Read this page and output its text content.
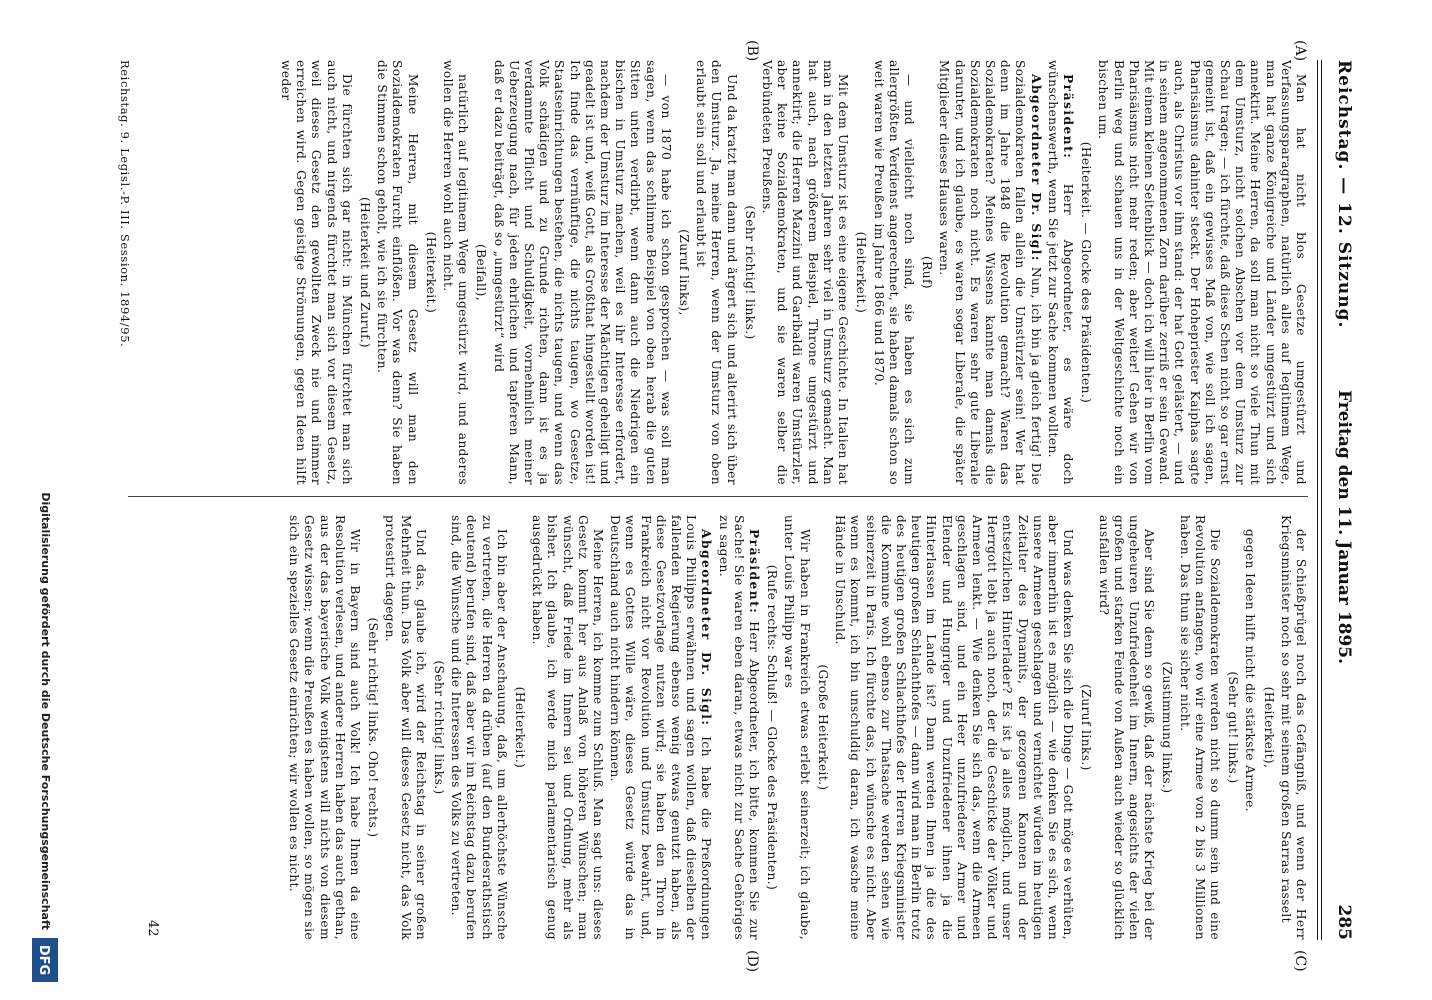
(A)
(B)
(C)
(D)
Reichstag. — 12. Sitzung.
Freitag den 11. Januar 1895.
285

Man hat nicht blos Gesetze umgestürzt und Verfassungsparagraphen, natürlich alles auf legitimem Wege, man hat ganze Königreiche und Länder umgestürzt und sich annektirt. Meine Herren, da soll man nicht so viele Thun mit dem Umsturz, nicht solchen Abschen vor dem Umsturz zur Schau tragen; — ich fürchte, daß diese Schen nicht so gar ernst gemeint ist, daß ein gewisses Maß von, wie soll ich sagen, Pharisäismus dahinter steckt. Der Hohepriester Kaiphas sagte auch, als Christus vor ihm stand: der hat Gott gelästert, — und in seinem angenommenen Zorn darüber zerriß er sein Gewand. Mit einem kleinen Seitenblick — doch ich will hier in Berlin vom Pharisäismus nicht mehr reden; aber weiter! Gehen wir von Berlin weg und schauen uns in der Weltgeschichte noch ein bischen um.

(Heiterkeit. — Glocke des Präsidenten.)

Präsident: Herr Abgeordneter, es wäre doch wünschenswerth, wenn Sie jetzt zur Sache kommen wollten.

Abgeordneter Dr. Sigl: Nun, ich bin ja gleich fertig! Die Sozialdemokraten fallen allein die Umstürzler sein! Wer hat denn im Jahre 1848 die Revolution gemacht? Waren das Sozialdemokraten? Meines Wissens kannte man damals die Sozialdemokraten noch nicht. Es waren sehr gute Liberale darunter, und ich glaube, es waren sogar Liberale, die später Mitglieder dieses Hauses waren.

(Ruf)

— und vielleicht noch sind, sie haben es sich zum allergrößten Verdienst angerechnet, sie haben damals schon so weit waren wie Preußen im Jahre 1866 und 1870.

(Heiterkeit.)

Mit dem Umsturz ist es eine eigene Geschichte. In Italien hat man in den letzten Jahren sehr viel in Umsturz gemacht. Man hat auch, nach größerem Beispiel, Throne umgestürzt und annektirt; die Herren Mazzini und Garibaldi waren Umstürzler, aber keine Sozialdemokraten, und sie waren selber die Verbündeten Preußens.

(Sehr richtig! links.)

Und da kratzt man dann und ärgert sich und alterirt sich über den Umsturz. Ja, meine Herren, wenn der Umsturz von oben erlaubt sein soll und erlaubt ist

(Zuruf links),

— von 1870 habe ich schon gesprochen — was soll man sagen, wenn das schlimme Beispiel von oben herab die guten Sitten unten verdirbt, wenn dann auch die Niedrigen ein bischen in Umsturz machen, weil es ihr Interesse erfordert, nachdem der Umsturz im Interesse der Mächtigen geheiligt und geadelt ist und, weiß Gott, als Großthat hingestellt worden ist! Ich finde das vernünftige, die nichts taugen, wo Gesetze, Staatseinrichtungen bestehen, die nichts taugen, und wenn das Volk schädigen und zu Grunde richten, dann ist es ja verdammte Pflicht und Schuldigkeit, vornehmlich meiner Ueberzeugung nach, für jeden ehrlichen und tapferen Mann, daß er dazu beiträgt, daß so „umgestürzt“ wird

(Beifall),

natürlich auf legitimem Wege umgestürzt wird, und anderes wollen die Herren wohl auch nicht.

(Heiterkeit.)

Meine Herren, mit diesem Gesetz will man den Sozialdemokraten Furcht einflößen. Vor was denn? Sie haben die Stimmen schon geholt, wie ich sie fürchten.

(Heiterkeit und Zuruf.)

Die fürchten sich gar nicht: in München fürchtet man sich auch nicht, und nirgends fürchtet man sich vor diesem Gesetz, weil dieses Gesetz den gewollten Zweck nie und nimmer erreichen wird. Gegen geistige Strömungen, gegen Ideen hilft weder

der Schießprügel noch das Gefängniß, und wenn der Herr Kriegsminister noch so sehr mit seinem großen Sarras rasselt

(Heiterkeit),

gegen Ideen hilft nicht die stärkste Armee.

(Sehr gut! links.)

Die Sozialdemokraten werden nicht so dumm sein und eine Revolution anfangen, wo wir eine Armee von 2 bis 3 Millionen haben. Das thun sie sicher nicht.

(Zustimmung links.)

Aber sind Sie denn so gewiß, daß der nächste Krieg bei der ungeheuren Unzufriedenheit im Innern, angesichts der vielen großen und starken Feinde von Außen auch wieder so glücklich ausfallen wird?

(Zuruf links.)

Und was denken Sie sich die Dinge — Gott möge es verhüten, aber immerhin ist es möglich — wie denken Sie es sich, wenn unsere Armeen geschlagen und vernichtet würden im heutigen Zeitalter des Dynamits, der gezogenen Kanonen und der entsetzlichen Hinterlader? Es ist ja alles möglich, und unser Herrgott lebt ja auch noch, der die Geschicke der Völker und Armeen lenkt. — Wie denken Sie sich das, wenn die Armeen geschlagen sind, und ein Heer unzufriedener Armer und Elender und Hungriger und Unzufriedener ihnen ja die Hinterlassen im Lande ist? Dann werden Ihnen ja die des heutigen großen Schlachthofes — dann wird man in Berlin trotz des heutigen großen Schlachthofes der Herren Kriegsminister die Kommune wohl ebenso zur Thatsache werden sehen wie seinerzeit in Paris. Ich fürchte das, ich wünsche es nicht. Aber wenn es kommt, ich bin unschuldig daran, ich wasche meine Hände in Unschuld.

(Große Heiterkeit.)

Wir haben in Frankreich etwas erlebt seinerzeit; ich glaube, unter Louis Philipp war es

(Rufe rechts: Schluß! — Glocke des Präsidenten.)

Präsident: Herr Abgeordneter, ich bitte, kommen Sie zur Sache! Sie waren eben daran, etwas nicht zur Sache Gehöriges zu sagen.

Abgeordneter Dr. Sigl: Ich habe die Preßordnungen Louis Philipps erwähnen und sagen wollen, daß dieselben der fallenden Regierung ebenso wenig etwas genutzt haben, als diese Gesetzvorlage nutzen wird; sie haben den Thron in Frankreich nicht vor Revolution und Umsturz bewahrt, und, wenn es Gottes Wille wäre, dieses Gesetz würde das in Deutschland auch nicht hindern können.

Meine Herren, ich komme zum Schluß. Man sagt uns: dieses Gesetz kommt her aus Anlaß von höheren Wünschen; man wünscht, daß Friede im Innern sei und Ordnung, mehr als bisher. Ich glaube, ich werde mich parlamentarisch genug ausgedrückt haben.

(Heiterkeit.)

Ich bin aber der Anschauung, daß, um allerhöchste Wünsche zu vertreten, die Herren da drüben (auf den Bundesrathstisch deutend) berufen sind, daß aber wir im Reichstag dazu berufen sind, die Wünsche und die Interessen des Volks zu vertreten.

(Sehr richtig! links.)

Und das, glaube ich, wird der Reichstag in seiner großen Mehrheit thun. Das Volk aber will dieses Gesetz nicht, das Volk protestirt dagegen.

(Sehr richtig! links. Oho! rechts.)

Wir in Bayern sind auch Volk! Ich habe Ihnen da eine Resolution verlesen, und andere Herren haben das auch gethan, aus der das bayerische Volk wenigstens will nichts von diesem Gesetz wissen; wenn die Preußen es haben wollen, so mögen sie sich ein spezielles Gesetz einrichten; wir wollen es nicht.

Reichstag. 9. Legisl.-P. III. Session. 1894/95.
42
Digitalisierung gefördert durch die Deutsche Forschungsgemeinschaft
DFG
